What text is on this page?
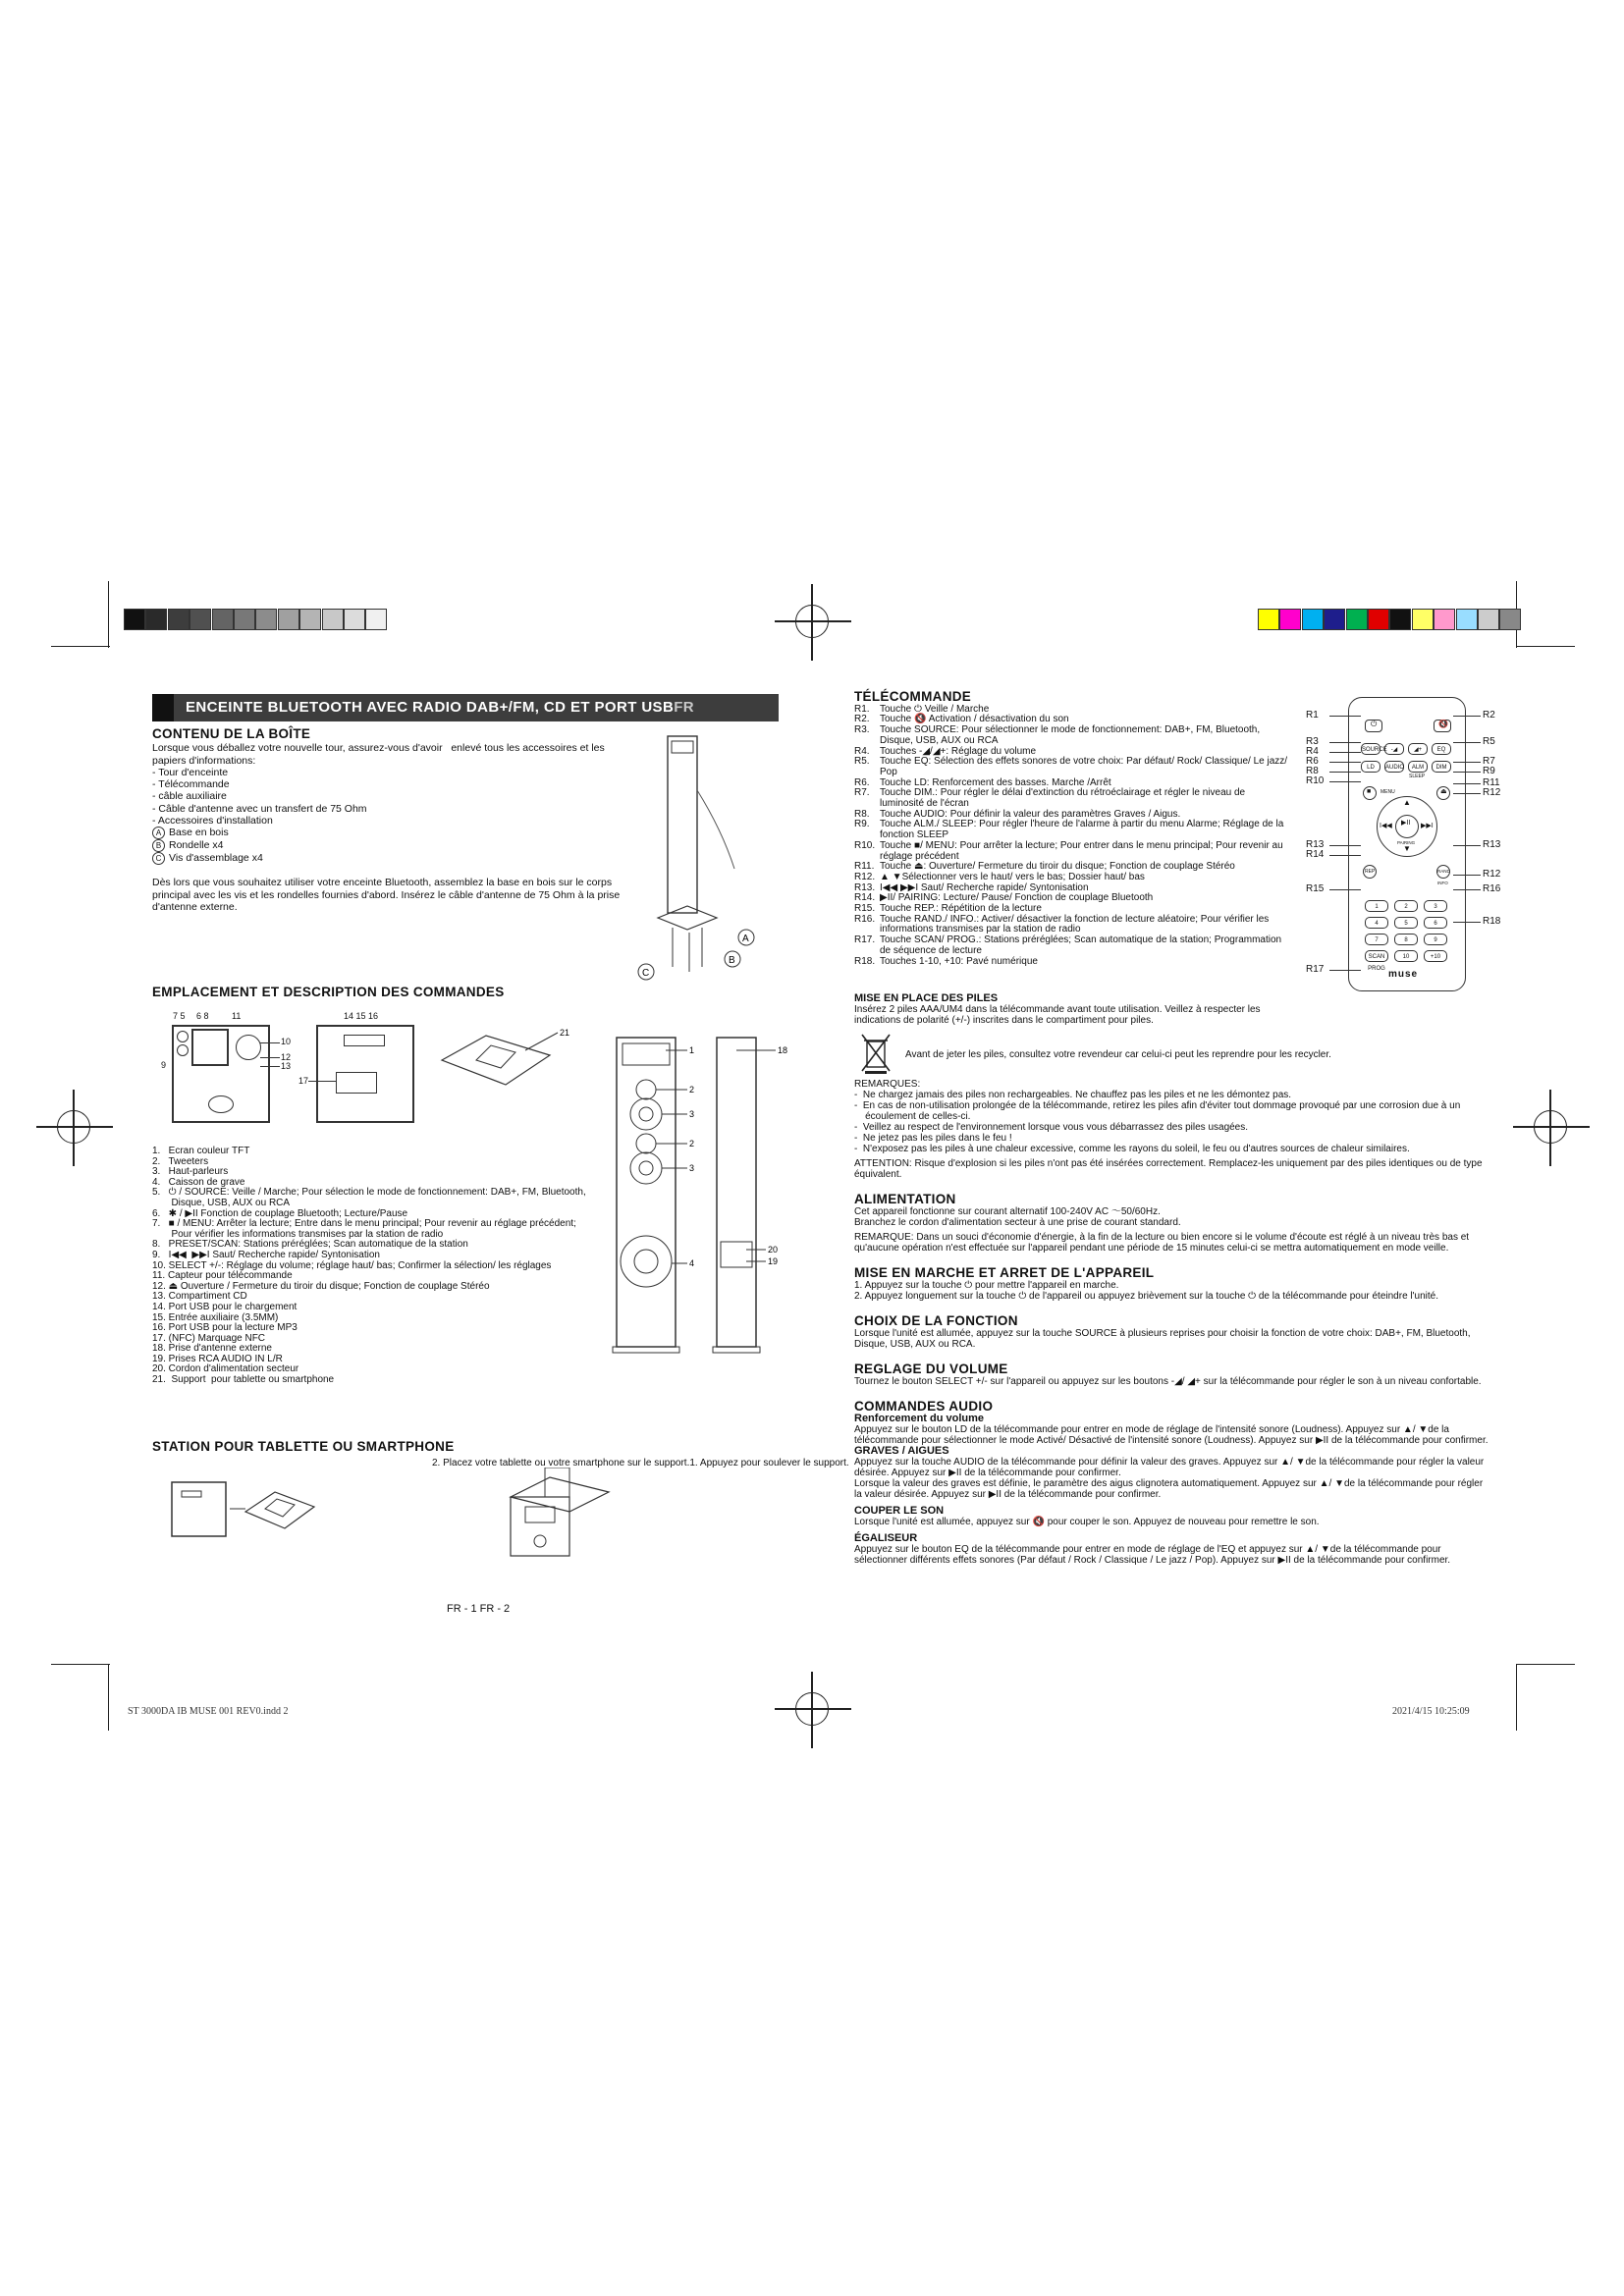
ENCEINTE BLUETOOTH AVEC RADIO DAB+/FM, CD ET PORT USBFR
CONTENU DE LA BOÎTE

Lorsque vous déballez votre nouvelle tour, assurez-vous d'avoir   enlevé tous les accessoires et les papiers d'informations:

- Tour d'enceinte
- Télécommande
- câble auxiliaire
- Câble d'antenne avec un transfert de 75 Ohm
- Accessoires d'installation
A Base en bois
B Rondelle x4
C Vis d'assemblage x4

Dès lors que vous souhaitez utiliser votre enceinte Bluetooth, assemblez la base en bois sur le corps principal avec les vis et les rondelles fournies d'abord. Insérez le câble d'antenne de 75 Ohm à la prise d'antenne externe.

A
B
C
EMPLACEMENT ET DESCRIPTION DES COMMANDES
7 5 6 8	11
10
12
13
9
14 15 16
17
21
1
2
3
2
3
4
18
20
19
1.   Ecran couleur TFT
2.   Tweeters
3.   Haut-parleurs
4.   Caisson de grave
5.   ⏻ / SOURCE: Veille / Marche; Pour sélection le mode de fonctionnement: DAB+, FM, Bluetooth,
Disque, USB, AUX ou RCA
6.   ✱ / ▶II Fonction de couplage Bluetooth; Lecture/Pause
7.   ■ / MENU: Arrêter la lecture; Entre dans le menu principal; Pour revenir au réglage précédent;
Pour vérifier les informations transmises par la station de radio
8.   PRESET/SCAN: Stations préréglées; Scan automatique de la station
9.   I◀◀  ▶▶I Saut/ Recherche rapide/ Syntonisation
10. SELECT +/-: Réglage du volume; réglage haut/ bas; Confirmer la sélection/ les réglages
11. Capteur pour télécommande
12. ⏏ Ouverture / Fermeture du tiroir du disque; Fonction de couplage Stéréo
13. Compartiment CD
14. Port USB pour le chargement
15. Entrée auxiliaire (3.5MM)
16. Port USB pour la lecture MP3
17. (NFC) Marquage NFC
18. Prise d'antenne externe
19. Prises RCA AUDIO IN L/R
20. Cordon d'alimentation secteur
21.  Support  pour tablette ou smartphone
STATION POUR TABLETTE OU SMARTPHONE
2. Placez votre tablette ou votre smartphone sur le support.1. Appuyez pour soulever le support.
FR - 1 FR - 2
TÉLÉCOMMANDE
R1.	Touche ⏻ Veille / Marche
R2.	Touche 🔇 Activation / désactivation du son
R3.	Touche SOURCE: Pour sélectionner le mode de fonctionnement: DAB+, FM, Bluetooth,
Disque, USB, AUX ou RCA
R4.	Touches -◢/◢+: Réglage du volume
R5.	Touche EQ: Sélection des effets sonores de votre choix: Par défaut/ Rock/ Classique/ Le jazz/
Pop
R6.	Touche LD: Renforcement des basses. Marche /Arrêt
R7.	Touche DIM.: Pour régler le délai d'extinction du rétroéclairage et régler le niveau de
luminosité de l'écran
R8.	Touche AUDIO: Pour définir la valeur des paramètres Graves / Aigus.
R9.	Touche ALM./ SLEEP: Pour régler l'heure de l'alarme à partir du menu Alarme; Réglage de la
fonction SLEEP
R10. Touche ■/ MENU: Pour arrêter la lecture; Pour entrer dans le menu principal; Pour revenir au
réglage précédent
R11. Touche ⏏: Ouverture/ Fermeture du tiroir du disque; Fonction de couplage Stéréo
R12. ▲ ▼Sélectionner vers le haut/ vers le bas; Dossier haut/ bas
R13. I◀◀ ▶▶I Saut/ Recherche rapide/ Syntonisation
R14. ▶II/ PAIRING: Lecture/ Pause/ Fonction de couplage Bluetooth
R15. Touche REP.: Répétition de la lecture
R16. Touche RAND./ INFO.: Activer/ désactiver la fonction de lecture aléatoire; Pour vérifier les
informations transmises par la station de radio
R17. Touche SCAN/ PROG.: Stations préréglées; Scan automatique de la station; Programmation
de séquence de lecture
R18. Touches 1-10, +10: Pavé numérique
R1
R3
R4
R6
R8
R10
R13
R14
R15
R17
R2
R5
R7
R9
R11
R12
R13
R12
R16
R18
⏻	🔇
SOURCE -◢	◢+	EQ
LD	AUDIO	ALM	DIM
SLEEP
■ MENU	⏏
▲
▼
I◀◀	▶▶I
▶II
PAIRING
REP	RAND
INFO
1	2	3
4	5	6
7	8	9
SCAN PROG
10	+10
muse
MISE EN PLACE DES PILES

Insérez 2 piles AAA/UM4 dans la télécommande avant toute utilisation. Veillez à respecter les indications de polarité (+/-) inscrites dans le compartiment pour piles.

Avant de jeter les piles, consultez votre revendeur car celui-ci peut les reprendre pour les recycler.

REMARQUES:
-  Ne chargez jamais des piles non rechargeables. Ne chauffez pas les piles et ne les démontez pas.
-  En cas de non-utilisation prolongée de la télécommande, retirez les piles afin d'éviter tout dommage provoqué par une corrosion due à un
écoulement de celles-ci.
-  Veillez au respect de l'environnement lorsque vous vous débarrassez des piles usagées.
-  Ne jetez pas les piles dans le feu !
-  N'exposez pas les piles à une chaleur excessive, comme les rayons du soleil, le feu ou d'autres sources de chaleur similaires.

ATTENTION: Risque d'explosion si les piles n'ont pas été insérées correctement. Remplacez-les uniquement par des piles identiques ou de type équivalent.

ALIMENTATION

Cet appareil fonctionne sur courant alternatif 100-240V AC ～50/60Hz.
Branchez le cordon d'alimentation secteur à une prise de courant standard.

REMARQUE: Dans un souci d'économie d'énergie, à la fin de la lecture ou bien encore si le volume d'écoute est réglé à un niveau très bas et qu'aucune opération n'est effectuée sur l'appareil pendant une période de 15 minutes celui-ci se mettra automatiquement en mode veille.

MISE EN MARCHE ET ARRET DE L'APPAREIL

1. Appuyez sur la touche ⏻ pour mettre l'appareil en marche.
2. Appuyez longuement sur la touche ⏻ de l'appareil ou appuyez brièvement sur la touche ⏻ de la télécommande pour éteindre l'unité.

CHOIX DE LA FONCTION

Lorsque l'unité est allumée, appuyez sur la touche SOURCE à plusieurs reprises pour choisir la fonction de votre choix: DAB+, FM, Bluetooth, Disque, USB, AUX ou RCA.

REGLAGE DU VOLUME

Tournez le bouton SELECT +/- sur l'appareil ou appuyez sur les boutons -◢/ ◢+ sur la télécommande pour régler le son à un niveau confortable.

COMMANDES AUDIO
Renforcement du volume

Appuyez sur le bouton LD de la télécommande pour entrer en mode de réglage de l'intensité sonore (Loudness). Appuyez sur ▲/ ▼de la télécommande pour sélectionner le mode Activé/ Désactivé de l'intensité sonore (Loudness). Appuyez sur ▶II de la télécommande pour confirmer.

GRAVES / AIGUES

Appuyez sur la touche AUDIO de la télécommande pour définir la valeur des graves. Appuyez sur ▲/ ▼de la télécommande pour régler la valeur désirée. Appuyez sur ▶II de la télécommande pour confirmer.
Lorsque la valeur des graves est définie, le paramètre des aigus clignotera automatiquement. Appuyez sur ▲/ ▼de la télécommande pour régler la valeur désirée. Appuyez sur ▶II de la télécommande pour confirmer.

COUPER LE SON

Lorsque l'unité est allumée, appuyez sur 🔇 pour couper le son. Appuyez de nouveau pour remettre le son.

ÉGALISEUR

Appuyez sur le bouton EQ de la télécommande pour entrer en mode de réglage de l'EQ et appuyez sur ▲/ ▼de la télécommande pour sélectionner différents effets sonores (Par défaut / Rock / Classique / Le jazz / Pop). Appuyez sur ▶II de la télécommande pour confirmer.

ST 3000DA IB MUSE 001 REV0.indd 2	2021/4/15 10:25:09
